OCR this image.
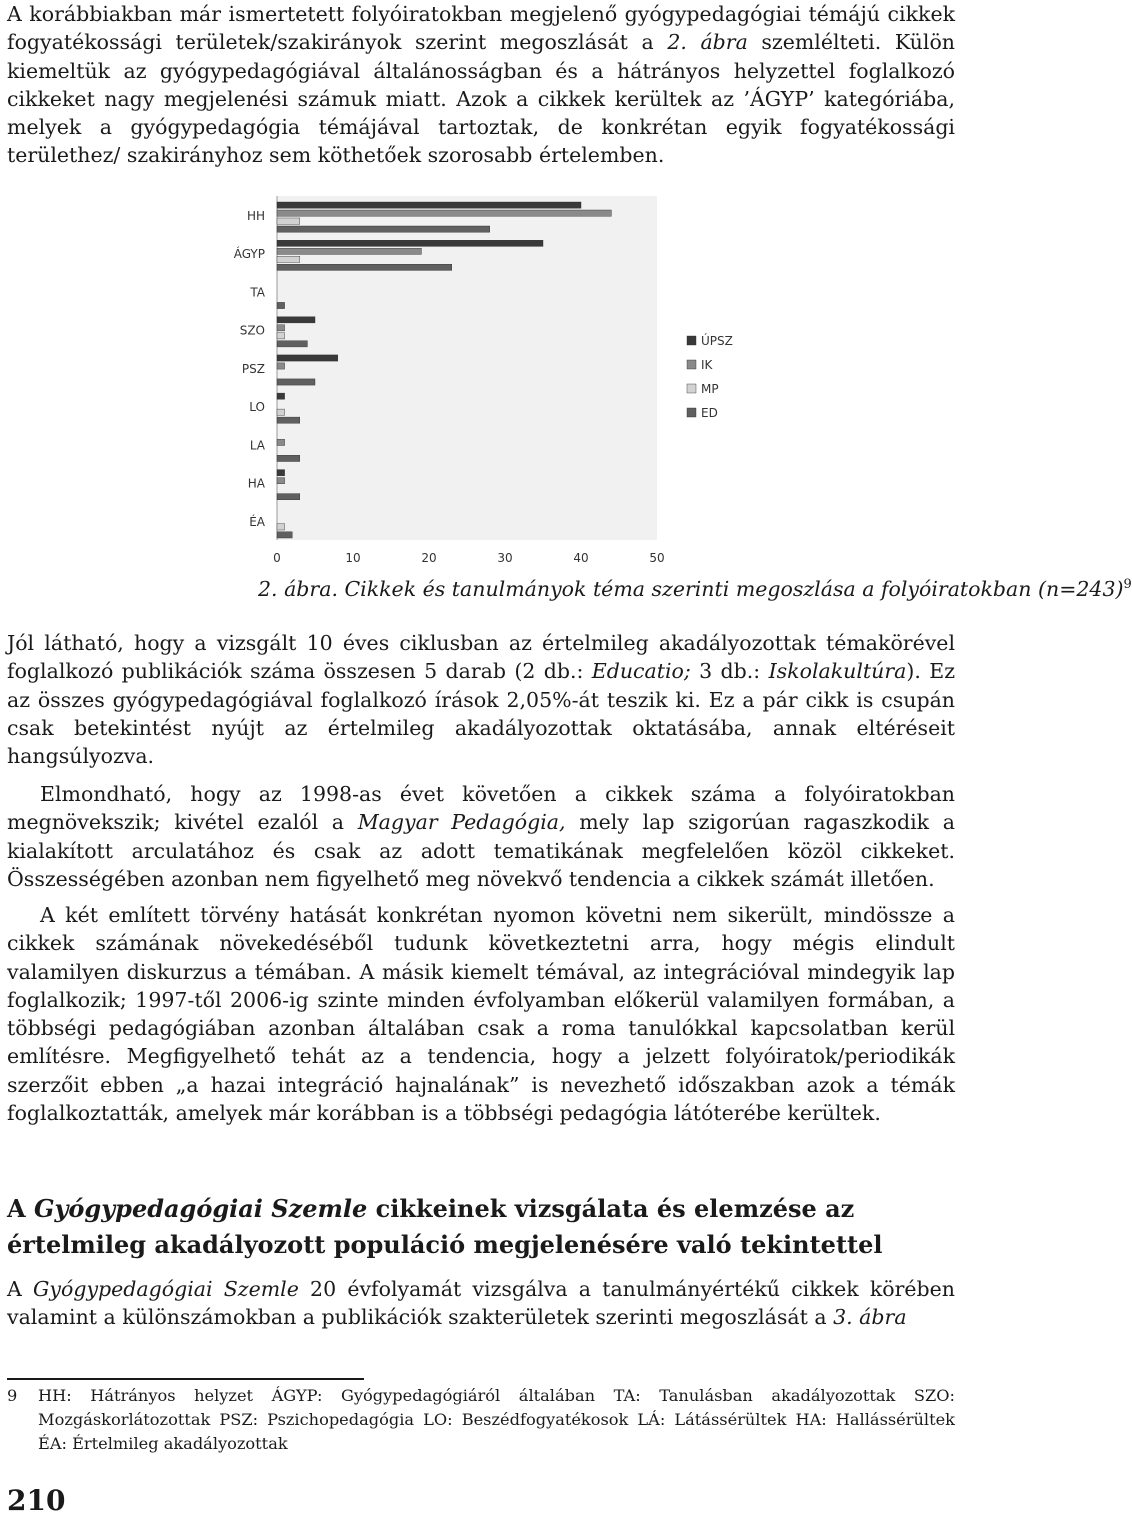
A korábbiakban már ismertetett folyóiratokban megjelenő gyógypedagógiai témájú cikkek fogyatékossági területek/szakirányok szerint megoszlását a 2. ábra szemlélteti. Külön kiemeltük az gyógypedagógiával általánosságban és a hátrányos helyzettel foglalkozó cikkeket nagy megjelenési számuk miatt. Azok a cikkek kerültek az ’ÁGYP’ kategóriába, melyek a gyógypedagógia témájával tartoztak, de konkrétan egyik fogyatékossági területhez/ szakirányhoz sem köthetőek szorosabb értelemben.

HH
ÁGYP
TA
SZO
PSZ
LO
LA
HA
ÉA
0	10	20	30	40	50
ÚPSZ
IK
MP
ED

2. ábra. Cikkek és tanulmányok téma szerinti megoszlása a folyóiratokban (n=243)$^9$

Jól látható, hogy a vizsgált 10 éves ciklusban az értelmileg akadályozottak témakörével foglalkozó publikációk száma összesen 5 darab (2 db.: Educatio; 3 db.: Iskolakultúra). Ez az összes gyógypedagógiával foglalkozó írások 2,05%-át teszik ki. Ez a pár cikk is csupán csak betekintést nyújt az értelmileg akadályozottak oktatásába, annak eltéréseit hangsúlyozva.

Elmondható, hogy az 1998-as évet követően a cikkek száma a folyóiratokban megnövekszik; kivétel ezalól a Magyar Pedagógia, mely lap szigorúan ragaszkodik a kialakított arculatához és csak az adott tematikának megfelelően közöl cikkeket. Összességében azonban nem figyelhető meg növekvő tendencia a cikkek számát illetően.

A két említett törvény hatását konkrétan nyomon követni nem sikerült, mindössze a cikkek számának növekedéséből tudunk következtetni arra, hogy mégis elindult valamilyen diskurzus a témában. A másik kiemelt témával, az integrációval mindegyik lap foglalkozik; 1997-től 2006-ig szinte minden évfolyamban előkerül valamilyen formában, a többségi pedagógiában azonban általában csak a roma tanulókkal kapcsolatban kerül említésre. Megfigyelhető tehát az a tendencia, hogy a jelzett folyóiratok/periodikák szerzőit ebben „a hazai integráció hajnalának” is nevezhető időszakban azok a témák foglalkoztatták, amelyek már korábban is a többségi pedagógia látóterébe kerültek.

A Gyógypedagógiai Szemle cikkeinek vizsgálata és elemzése az értelmileg akadályozott populáció megjelenésére való tekintettel

A Gyógypedagógiai Szemle 20 évfolyamát vizsgálva a tanulmányértékű cikkek körében valamint a különszámokban a publikációk szakterületek szerinti megoszlását a 3. ábra

9 HH: Hátrányos helyzet ÁGYP: Gyógypedagógiáról általában TA: Tanulásban akadályozottak SZO: Mozgáskorlátozottak PSZ: Pszichopedagógia LO: Beszédfogyatékosok LÁ: Látássérültek HA: Hallássérültek ÉA: Értelmileg akadályozottak

210
